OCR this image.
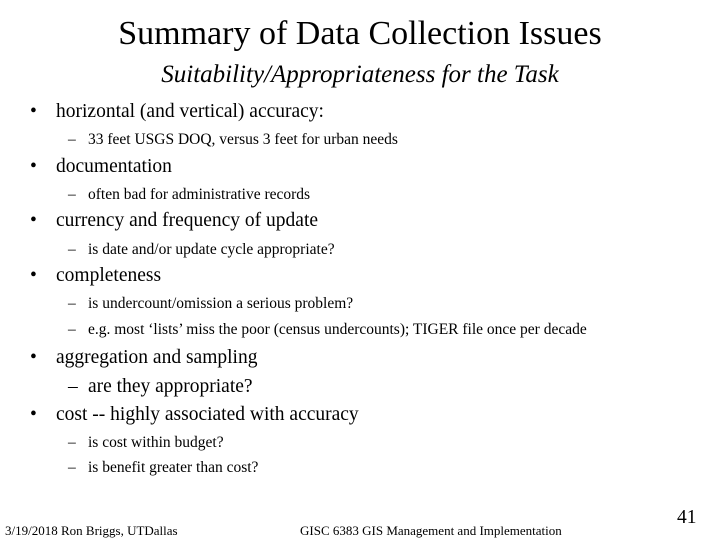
Summary of Data Collection Issues
Suitability/Appropriateness for the Task
• horizontal (and vertical) accuracy:
– 33 feet USGS DOQ, versus 3 feet for urban needs
• documentation
– often bad for administrative records
• currency and frequency of update
– is date and/or update cycle appropriate?
• completeness
– is undercount/omission a serious problem?
– e.g. most ‘lists’ miss the poor (census undercounts); TIGER file once per decade
• aggregation and sampling
– are they appropriate?
• cost -- highly associated with accuracy
– is cost within budget?
– is benefit greater than cost?
3/19/2018 Ron Briggs, UTDallas	GISC 6383 GIS Management and Implementation
41
